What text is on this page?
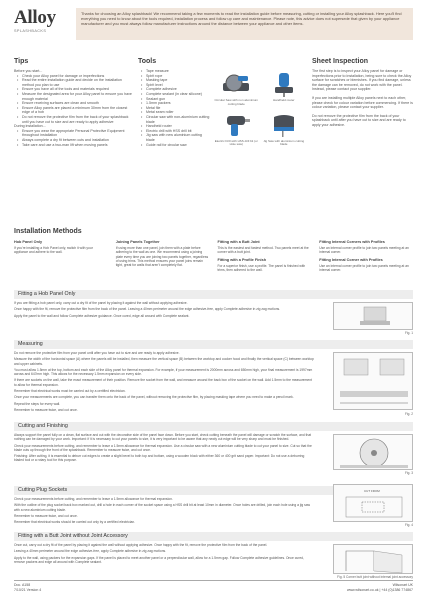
Alloy
SPLASHBACKS
Thanks for choosing an Alloy splashback! We recommend taking a few moments to read the installation guide before measuring, cutting or installing your Alloy splashback. Here you'll find everything you need to know about the tools required, installation process and follow up care and maintenance. Please note, this advice does not supersede that given by your appliance manufacturer and you must always follow manufacturer instructions around the distance between your appliance and other items.
Tips
Before you start...
• Check your Alloy panel for damage or imperfections
• Read the entire installation guide and decide on the installation method you plan to use
• Ensure you have all of the tools and materials required
• Measure the designated area for your Alloy panel to ensure you have enough material
• Ensure receiving surfaces are clean and smooth
• Ensure Alloy panels are placed a minimum 30mm from the closest edge of a hob
• Do not remove the protective film from the back of your splashback until you have cut to size and are ready to apply adhesive
During installation...
• Ensure you wear the appropriate Personal Protective Equipment throughout installation
• Always complete a dry fit between cuts and installation
• Take care and use a two-man lift when moving panels
Tools
• Tape measure
• Spirit rope
• Masking tape
• Spirit level
• Complete adhesive
• Complete sealant (in clear silicone)
• Sealant gun
• 1.5mm packers
• Metal file
• Metal seam roller
• Circular saw with non-aluminium cutting blade
• Handheld router
• Electric drill with HSS drill bit
• Jig saw with new aluminium cutting blade
• Guide rail for circular saw
Circular Saw with non aluminium cutting blade
Handheld router
Electric Drill with HSS drill bit (or Hole saw)
Jig Saw with aluminium cutting blade
Sheet Inspection
The first step is to inspect your Alloy panel for damage or imperfections prior to installation, being sure to check the Alloy surface for scratches or blemishes. If you find damage, unless the damage can be removed, do not work with the panel. Instead, please contact your supplier.
If you are installing multiple Alloy panels next to each other, please check for colour variation before commencing. If there is colour variation, please contact your supplier.
Do not remove the protective film from the back of your splashback until after you have cut to size and are ready to apply your adhesive.
Installation Methods
Hob Panel Only
If you're installing a Hob Panel only, switch it with your appliance and adhere to the wall.
Joining Panels Together
If using more than one panel, join them with a plate before adhering to the wall as one. We recommend using a joining plate every time you are joining two panels together, regardless of using trims. This method ensures your panel joins remain tight, great for walls that aren't completely flat.
Fitting with a Butt Joint
This is the easiest and fastest method. Two panels meet at the corner with a butt joint.
Fitting with a Profile Finish
For a superior finish, use a profile. The panel is finished with trims, then adhered to the wall.
Fitting Internal Corners with Profiles
Use an internal corner profile to join two panels meeting at an internal corner.
Fitting Internal Corner with Profiles
Use an internal corner profile to join two panels meeting at an internal corner.
Fitting a Hob Panel Only
If you are fitting a hob panel only, carry out a dry fit of the panel by placing it against the wall without applying adhesive.
Once happy with the fit, remove the protective film from the back of the panel. Leaving a 40mm perimeter around the edge adhesive-free, apply Complete adhesive in zig zag motions.
Apply the panel to the wall and follow Complete adhesive guidance. Once cured, edge all around with Complete sealant.
Fig. 1
Measuring
Do not remove the protective film from your panel until after you have cut to size and are ready to apply adhesive.
Measure the width of the horizontal space (A) where the panels will be installed, then measure the vertical space (B) between the worktop and cooker hood and finally the vertical space (C) between worktop and upper cabinets.
You must allow 1.5mm at the top, bottom and each side of the Alloy panel for thermal expansion. For example, if your measurement is 2000mm across and 650mm high, your final measurement is 1997mm across and 647mm high. This allows for the necessary 1.5mm expansion on every side.
If there are sockets on the wall, take the exact measurement of their position. Remove the socket from the wall, and measure around the back box of the socket on the wall. Add 1.5mm to the measurement to allow for thermal expansion.
Remember that electrical works must be carried out by a certified electrician.
Once your measurements are complete, you can transfer them onto the back of the panel, without removing the protective film, by placing masking tape where you need to make a pencil mark.
Repeat the steps for every wall.
Remember to measure twice, and cut once.
Fig. 2
Cutting and Finishing
Always support the panel fully on a clean, flat surface and cut with the decorative side of the panel face down. Before you start, check cutting beneath the panel will damage or scratch the surface, and that nothing can be damaged by your work. Important: if it is necessary to cut your panels to size, it is very important to be aware that any newly cut edge will be very sharp and must be finished.
Check your measurements before cutting, and remember to leave a 1.5mm allowance for thermal expansion. Use a circular saw with a new aluminium cutting blade to cut your panel to size. Cut so that the blade cuts up through the front of the splashback. Remember to measure twice, and cut once.
Finishing: After cutting, it is essential to deburr cut edges to create a slight bevel to both top and bottom, using a wooden block with either 360 or 400 grit sand paper. Important: Do not use a deburring bladed tool or a rotary tool for this purpose.
Fig. 3
Cutting Plug Sockets
Check your measurements before cutting, and remember to leave a 1.5mm allowance for thermal expansion.
With the outline of the plug socket back box marked out, drill a hole in each corner of the socket space using a HSS drill bit at least 10mm in diameter. Once holes are drilled, join each hole using a jig saw with a new aluminium cutting blade.
Remember to measure twice, and cut once.
Remember that electrical works should be carried out only by a certified electrician.
CUT FROM
Fig. 4
Fitting with a Butt Joint without Joint Accessory
Once cut, carry out a dry fit of the panel by placing it against the wall without applying adhesive. Once happy with the fit, remove the protective film from the back of the panel.
Leaving a 40mm perimeter around the edge adhesive-free, apply Complete adhesive in zig zag motions.
Apply to the wall, using packers for the expansion gaps. If the panel is placed to meet another panel or a perpendicular wall, allow for a 1.5mm gap. Follow Complete adhesive guidelines. Once cured, remove packers and edge all around with Complete sealant.
Fig. 5 Corner butt joint without internal joint accessory
Doc. A158
7/10/21 Version 4
Wilsonart UK
www.wilsonart.co.uk | +44 (0)1386 774867
